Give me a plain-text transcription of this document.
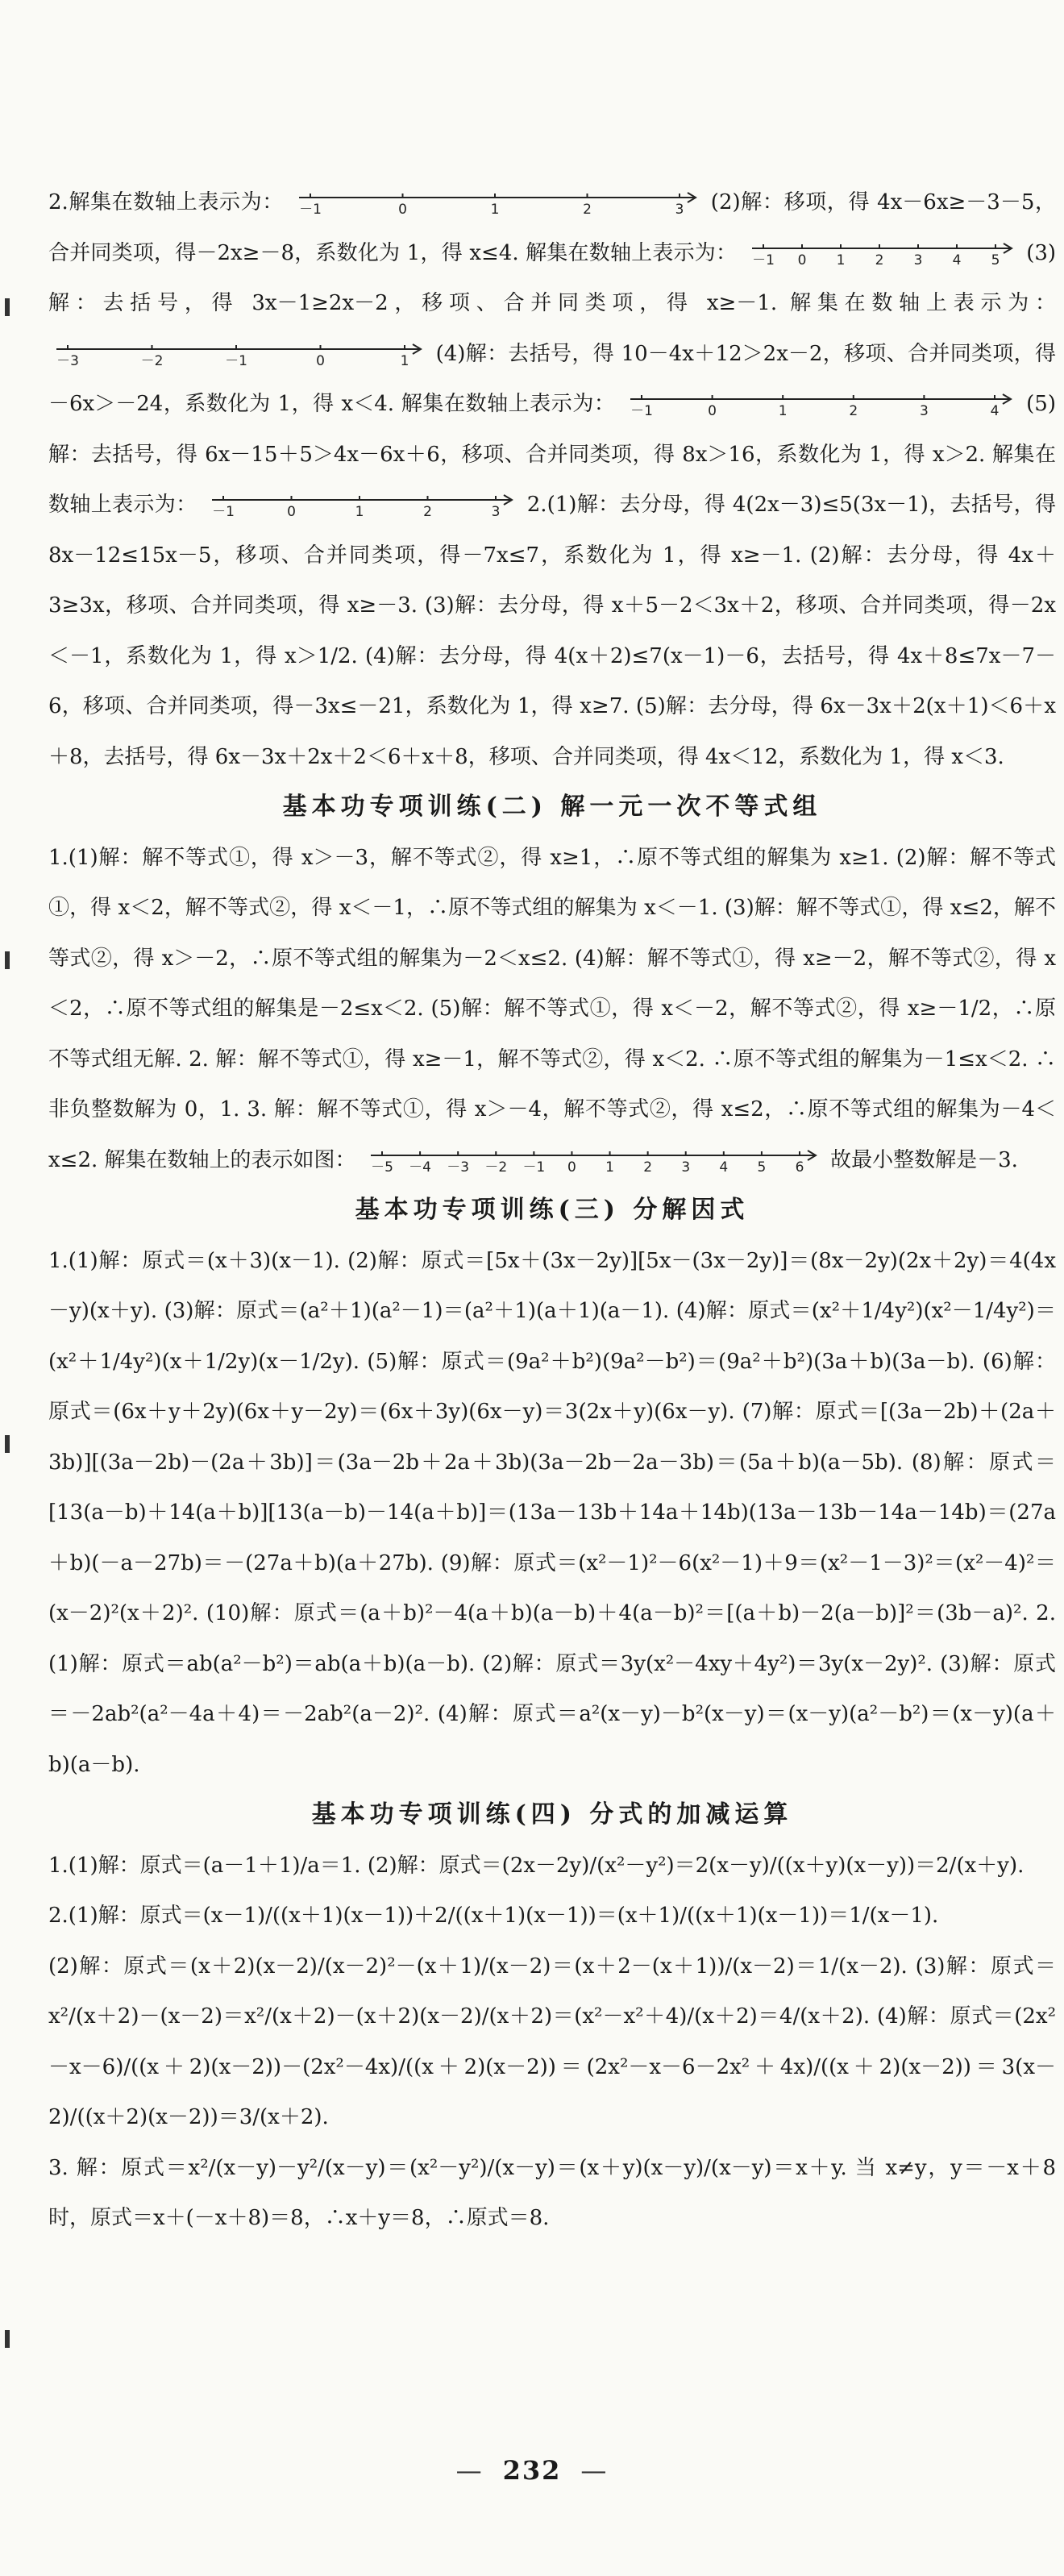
2.解集在数轴上表示为： －1	0	1	2	3 (2)解：移项，得 4x－6x≥－3－5，合并同类项，得－2x≥－8，系数化为 1，得 x≤4. 解集在数轴上表示为： －1 0 1 2 3 4 5 (3)解：去括号，得 3x－1≥2x－2，移项、合并同类项，得 x≥－1. 解集在数轴上表示为：
－3	－2	－1	0	1 (4)解：去括号，得 10－4x＋12＞2x－2，移项、合并同类项，得－6x＞－24，系数化为 1，得 x＜4. 解集在数轴上表示为： －1	0	1	2	3	4 (5)解：去括号，得 6x－15＋5＞4x－6x＋6，移项、合并同类项，得 8x＞16，系数化为 1，得 x＞2. 解集在数轴上表示为： －1	0	1	2	3 2.(1)解：去分母，得 4(2x－3)≤5(3x－1)，去括号，得 8x－12≤15x－5，移项、合并同类项，得－7x≤7，系数化为 1，得 x≥－1. (2)解：去分母，得 4x＋3≥3x，移项、合并同类项，得 x≥－3. (3)解：去分母，得 x＋5－2＜3x＋2，移项、合并同类项，得－2x＜－1，系数化为 1，得 x＞1/2. (4)解：去分母，得 4(x＋2)≤7(x－1)－6，去括号，得 4x＋8≤7x－7－6，移项、合并同类项，得－3x≤－21，系数化为 1，得 x≥7. (5)解：去分母，得 6x－3x＋2(x＋1)＜6＋x＋8，去括号，得 6x－3x＋2x＋2＜6＋x＋8，移项、合并同类项，得 4x＜12，系数化为 1，得 x＜3.

基本功专项训练(二) 解一元一次不等式组

1.(1)解：解不等式①，得 x＞－3，解不等式②，得 x≥1，∴原不等式组的解集为 x≥1. (2)解：解不等式①，得 x＜2，解不等式②，得 x＜－1，∴原不等式组的解集为 x＜－1. (3)解：解不等式①，得 x≤2，解不等式②，得 x＞－2，∴原不等式组的解集为－2＜x≤2. (4)解：解不等式①，得 x≥－2，解不等式②，得 x＜2，∴原不等式组的解集是－2≤x＜2. (5)解：解不等式①，得 x＜－2，解不等式②，得 x≥－1/2，∴原不等式组无解. 2. 解：解不等式①，得 x≥－1，解不等式②，得 x＜2. ∴原不等式组的解集为－1≤x＜2. ∴非负整数解为 0，1. 3. 解：解不等式①，得 x＞－4，解不等式②，得 x≤2，∴原不等式组的解集为－4＜x≤2. 解集在数轴上的表示如图： －5 －4 －3 －2 －1 0 1 2 3 4 5 6 故最小整数解是－3.

基本功专项训练(三) 分解因式

1.(1)解：原式＝(x＋3)(x－1). (2)解：原式＝[5x＋(3x－2y)][5x－(3x－2y)]＝(8x－2y)(2x＋2y)＝4(4x－y)(x＋y). (3)解：原式＝(a²＋1)(a²－1)＝(a²＋1)(a＋1)(a－1). (4)解：原式＝(x²＋1/4y²)(x²－1/4y²)＝(x²＋1/4y²)(x＋1/2y)(x－1/2y). (5)解：原式＝(9a²＋b²)(9a²－b²)＝(9a²＋b²)(3a＋b)(3a－b). (6)解：原式＝(6x＋y＋2y)(6x＋y－2y)＝(6x＋3y)(6x－y)＝3(2x＋y)(6x－y). (7)解：原式＝[(3a－2b)＋(2a＋3b)][(3a－2b)－(2a＋3b)]＝(3a－2b＋2a＋3b)(3a－2b－2a－3b)＝(5a＋b)(a－5b). (8)解：原式＝[13(a－b)＋14(a＋b)][13(a－b)－14(a＋b)]＝(13a－13b＋14a＋14b)(13a－13b－14a－14b)＝(27a＋b)(－a－27b)＝－(27a＋b)(a＋27b). (9)解：原式＝(x²－1)²－6(x²－1)＋9＝(x²－1－3)²＝(x²－4)²＝(x－2)²(x＋2)². (10)解：原式＝(a＋b)²－4(a＋b)(a－b)＋4(a－b)²＝[(a＋b)－2(a－b)]²＝(3b－a)². 2.(1)解：原式＝ab(a²－b²)＝ab(a＋b)(a－b). (2)解：原式＝3y(x²－4xy＋4y²)＝3y(x－2y)². (3)解：原式＝－2ab²(a²－4a＋4)＝－2ab²(a－2)². (4)解：原式＝a²(x－y)－b²(x－y)＝(x－y)(a²－b²)＝(x－y)(a＋b)(a－b).

基本功专项训练(四) 分式的加减运算

1.(1)解：原式＝(a－1＋1)/a＝1. (2)解：原式＝(2x－2y)/(x²－y²)＝2(x－y)/((x＋y)(x－y))＝2/(x＋y).
2.(1)解：原式＝(x－1)/((x＋1)(x－1))＋2/((x＋1)(x－1))＝(x＋1)/((x＋1)(x－1))＝1/(x－1).
(2)解：原式＝(x＋2)(x－2)/(x－2)²－(x＋1)/(x－2)＝(x＋2－(x＋1))/(x－2)＝1/(x－2). (3)解：原式＝x²/(x＋2)－(x－2)＝x²/(x＋2)－(x＋2)(x－2)/(x＋2)＝(x²－x²＋4)/(x＋2)＝4/(x＋2). (4)解：原式＝(2x²－x－6)/((x＋2)(x－2))－(2x²－4x)/((x＋2)(x－2))＝(2x²－x－6－2x²＋4x)/((x＋2)(x－2))＝3(x－2)/((x＋2)(x－2))＝3/(x＋2).
3. 解：原式＝x²/(x－y)－y²/(x－y)＝(x²－y²)/(x－y)＝(x＋y)(x－y)/(x－y)＝x＋y. 当 x≠y，y＝－x＋8 时，原式＝x＋(－x＋8)＝8，∴x＋y＝8，∴原式＝8.

— 232 —
